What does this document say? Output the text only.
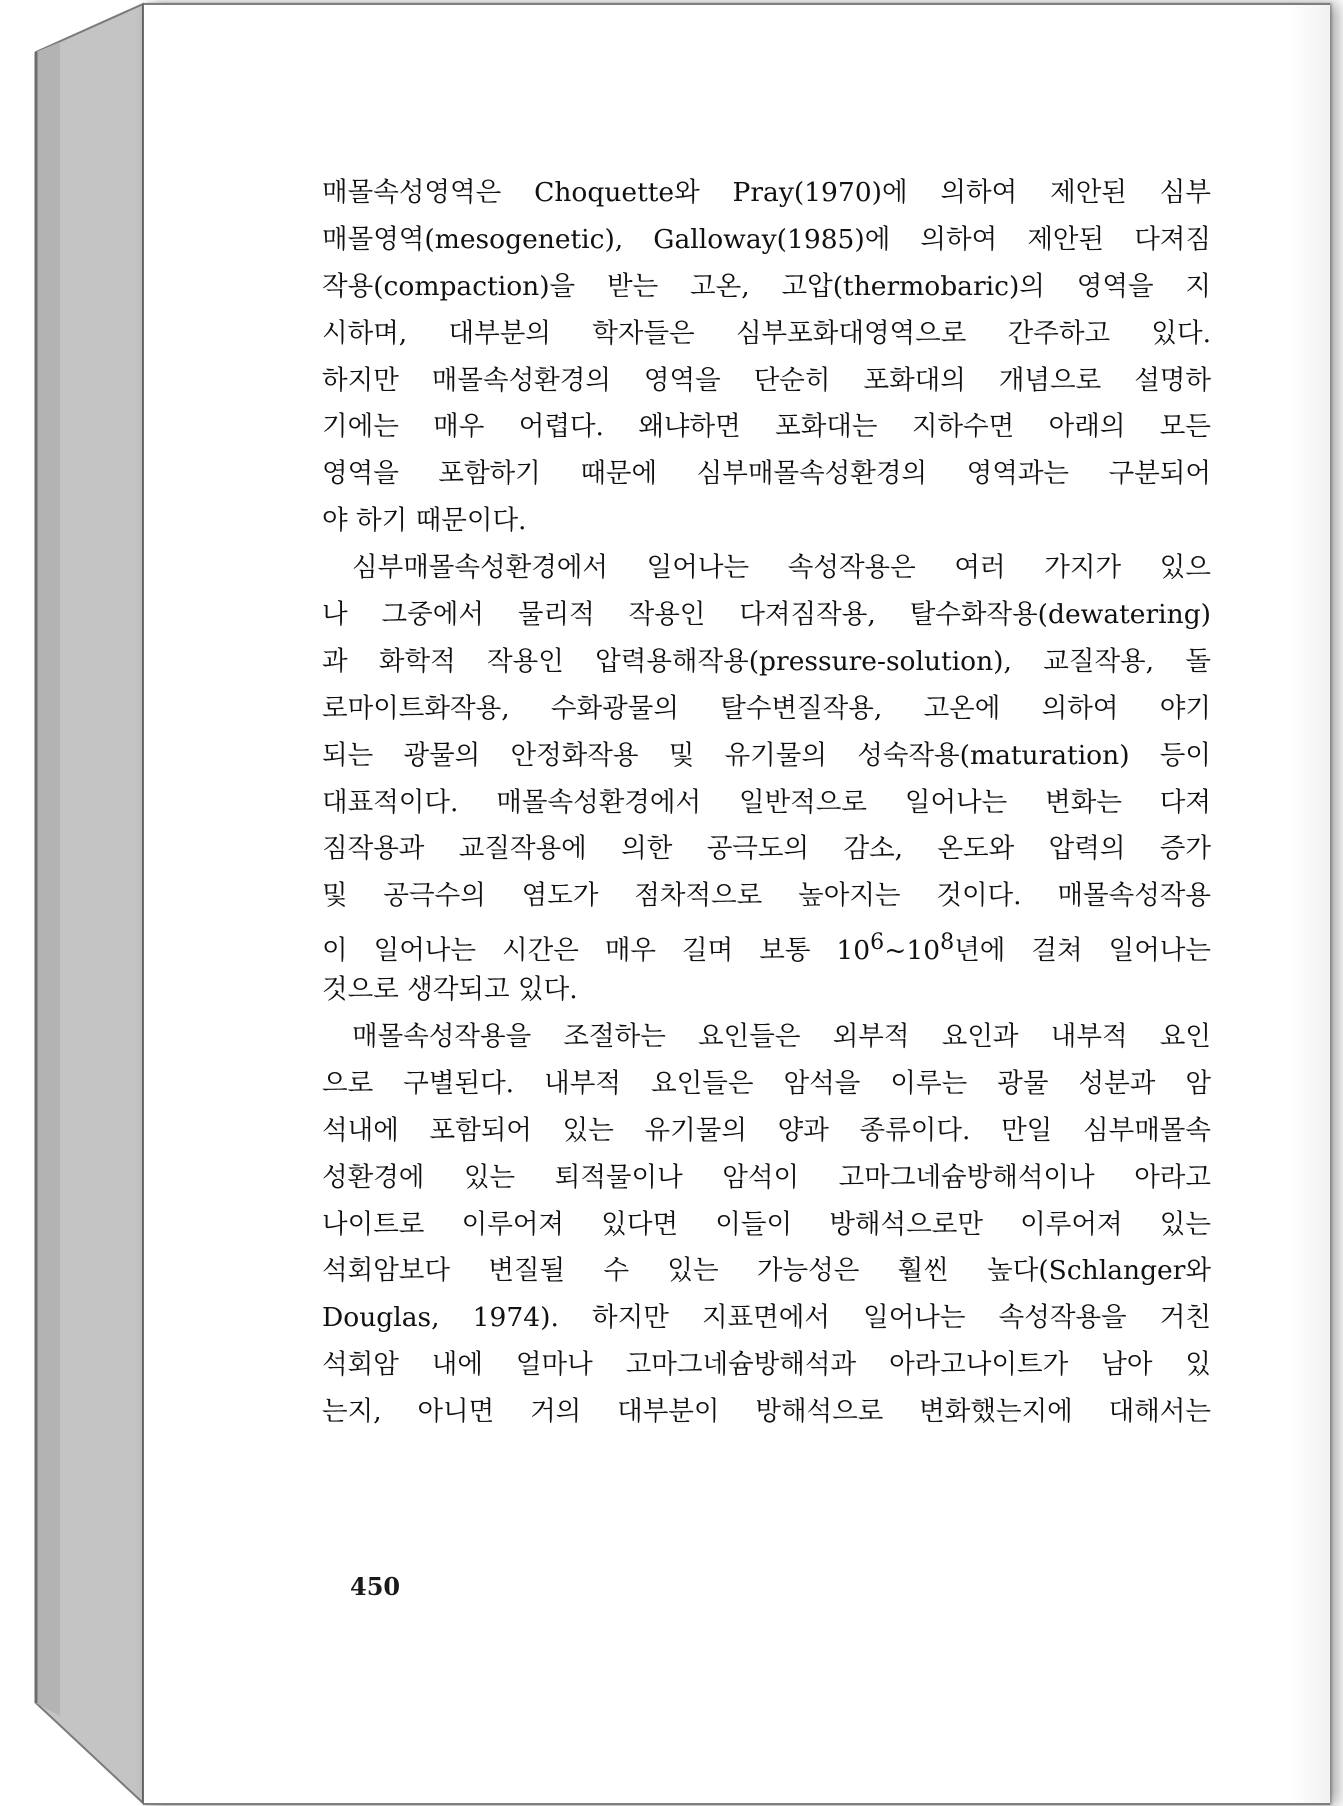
매몰속성영역은 Choquette와 Pray(1970)에 의하여 제안된 심부
매몰영역(mesogenetic), Galloway(1985)에 의하여 제안된 다져짐
작용(compaction)을 받는 고온, 고압(thermobaric)의 영역을 지
시하며, 대부분의 학자들은 심부포화대영역으로 간주하고 있다.
하지만 매몰속성환경의 영역을 단순히 포화대의 개념으로 설명하
기에는 매우 어렵다. 왜냐하면 포화대는 지하수면 아래의 모든
영역을 포함하기 때문에 심부매몰속성환경의 영역과는 구분되어
야 하기 때문이다.
심부매몰속성환경에서 일어나는 속성작용은 여러 가지가 있으
나 그중에서 물리적 작용인 다져짐작용, 탈수화작용(dewatering)
과 화학적 작용인 압력용해작용(pressure-solution), 교질작용, 돌
로마이트화작용, 수화광물의 탈수변질작용, 고온에 의하여 야기
되는 광물의 안정화작용 및 유기물의 성숙작용(maturation) 등이
대표적이다. 매몰속성환경에서 일반적으로 일어나는 변화는 다져
짐작용과 교질작용에 의한 공극도의 감소, 온도와 압력의 증가
및 공극수의 염도가 점차적으로 높아지는 것이다. 매몰속성작용
이 일어나는 시간은 매우 길며 보통 $10^6\sim 10^8$년에 걸쳐 일어나는
것으로 생각되고 있다.
매몰속성작용을 조절하는 요인들은 외부적 요인과 내부적 요인
으로 구별된다. 내부적 요인들은 암석을 이루는 광물 성분과 암
석내에 포함되어 있는 유기물의 양과 종류이다. 만일 심부매몰속
성환경에 있는 퇴적물이나 암석이 고마그네슘방해석이나 아라고
나이트로 이루어져 있다면 이들이 방해석으로만 이루어져 있는
석회암보다 변질될 수 있는 가능성은 훨씬 높다(Schlanger와
Douglas, 1974). 하지만 지표면에서 일어나는 속성작용을 거친
석회암 내에 얼마나 고마그네슘방해석과 아라고나이트가 남아 있
는지, 아니면 거의 대부분이 방해석으로 변화했는지에 대해서는
450
